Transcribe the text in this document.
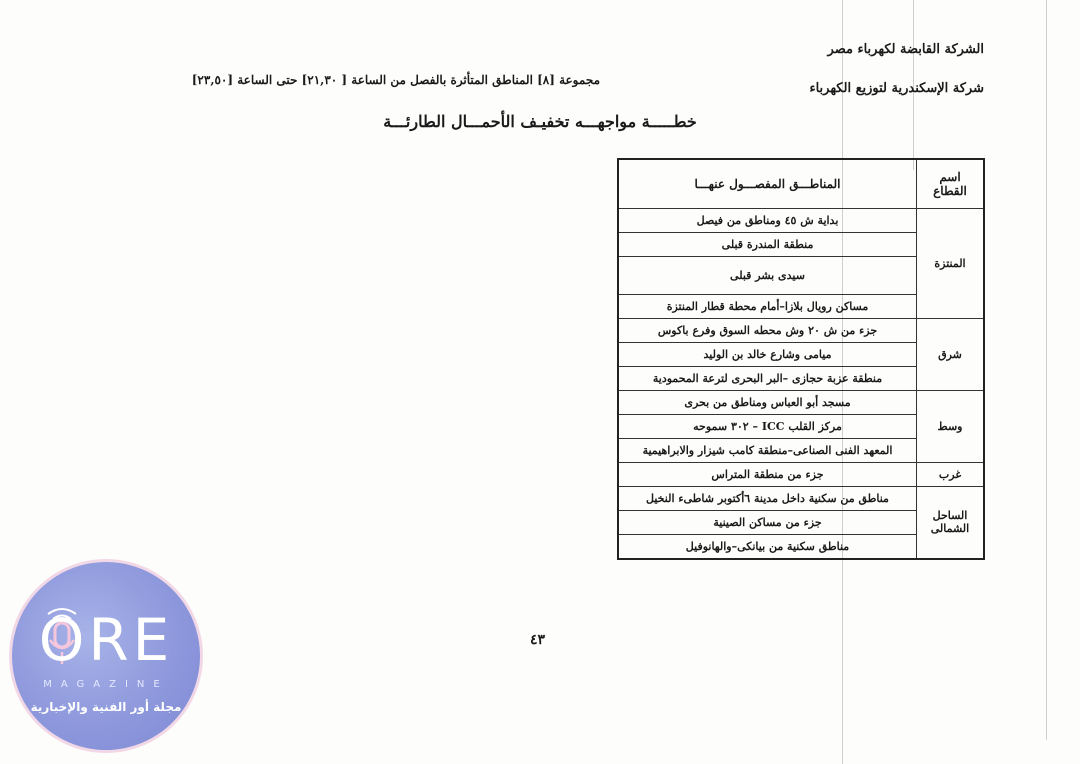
الشركة القابضة لكهرباء مصر
شركة الإسكندرية لتوزيع الكهرباء
مجموعة [٨] المناطق المتأثرة بالفصل من الساعة [ ٢١,٣٠] حتى الساعة [٢٣,٥٠]
خطـــــة مواجهـــه تخفيـف الأحمـــال الطارئـــة
اسم القطاع	المناطـــق المفصـــول عنهـــا
المنتزة	بداية ش ٤٥ ومناطق من فيصل
	منطقة المندرة قبلى
	سيدى بشر قبلى
	مساكن رويال بلازا–أمام محطة قطار المنتزة
شرق	جزء من ش ٢٠ وش محطه السوق وفرع باكوس
	ميامى وشارع خالد بن الوليد
	منطقة عزبة حجازى –البر البحرى لترعة المحمودية
وسط	مسجد أبو العباس ومناطق من بحرى
	مركز القلب ICC – ٣٠٢ سموحه
	المعهد الفنى الصناعى–منطقة كامب شيزار والابراهيمية
غرب	جزء من منطقة المتراس
الساحل الشمالى	مناطق من سكنية داخل مدينة ٦أكتوبر شاطىء النخيل
	جزء من مساكن الصينية
	مناطق سكنية من بيانكى–والهانوفيل
٤٣
ORE
MAGAZINE
مجلة أور الفنية والإخبارية
